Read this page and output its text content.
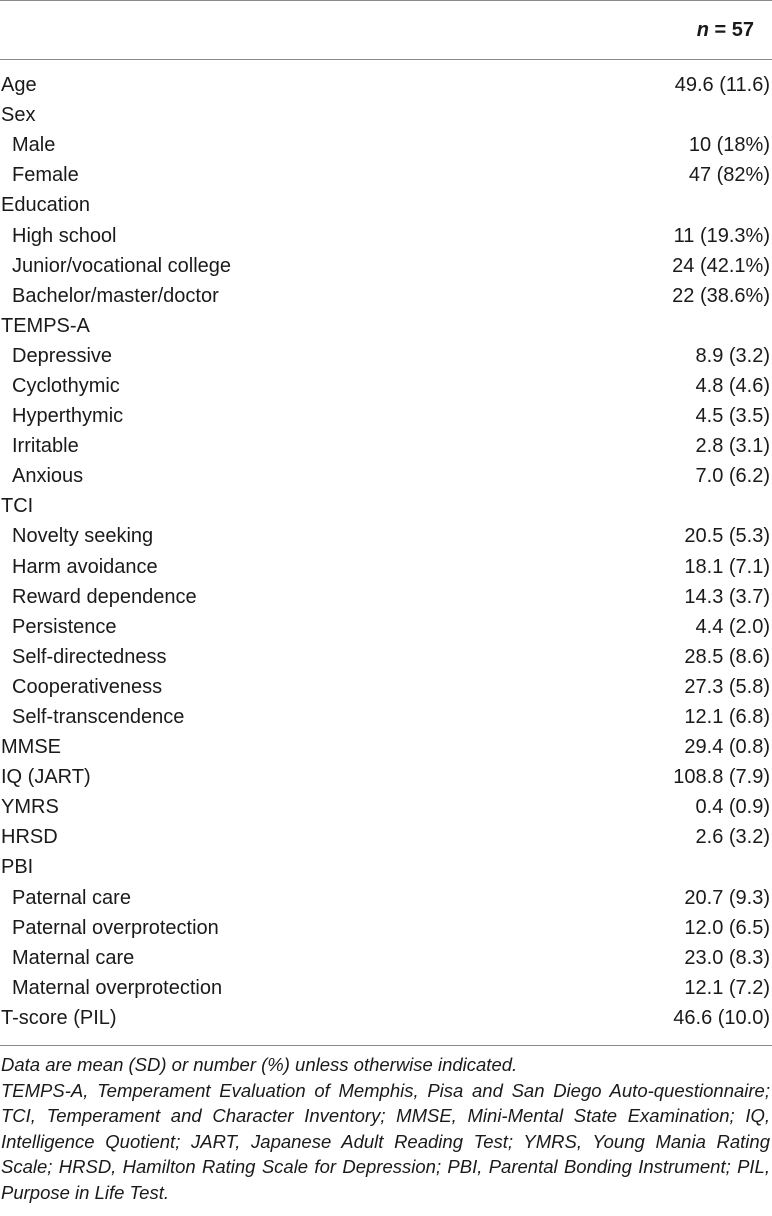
n = 57
Age	49.6 (11.6)
Sex
Male	10 (18%)
Female	47 (82%)
Education
High school	11 (19.3%)
Junior/vocational college	24 (42.1%)
Bachelor/master/doctor	22 (38.6%)
TEMPS-A
Depressive	8.9 (3.2)
Cyclothymic	4.8 (4.6)
Hyperthymic	4.5 (3.5)
Irritable	2.8 (3.1)
Anxious	7.0 (6.2)
TCI
Novelty seeking	20.5 (5.3)
Harm avoidance	18.1 (7.1)
Reward dependence	14.3 (3.7)
Persistence	4.4 (2.0)
Self-directedness	28.5 (8.6)
Cooperativeness	27.3 (5.8)
Self-transcendence	12.1 (6.8)
MMSE	29.4 (0.8)
IQ (JART)	108.8 (7.9)
YMRS	0.4 (0.9)
HRSD	2.6 (3.2)
PBI
Paternal care	20.7 (9.3)
Paternal overprotection	12.0 (6.5)
Maternal care	23.0 (8.3)
Maternal overprotection	12.1 (7.2)
T-score (PIL)	46.6 (10.0)

Data are mean (SD) or number (%) unless otherwise indicated.

TEMPS-A, Temperament Evaluation of Memphis, Pisa and San Diego Auto-questionnaire; TCI, Temperament and Character Inventory; MMSE, Mini-Mental State Examination; IQ, Intelligence Quotient; JART, Japanese Adult Reading Test; YMRS, Young Mania Rating Scale; HRSD, Hamilton Rating Scale for Depression; PBI, Parental Bonding Instrument; PIL, Purpose in Life Test.
